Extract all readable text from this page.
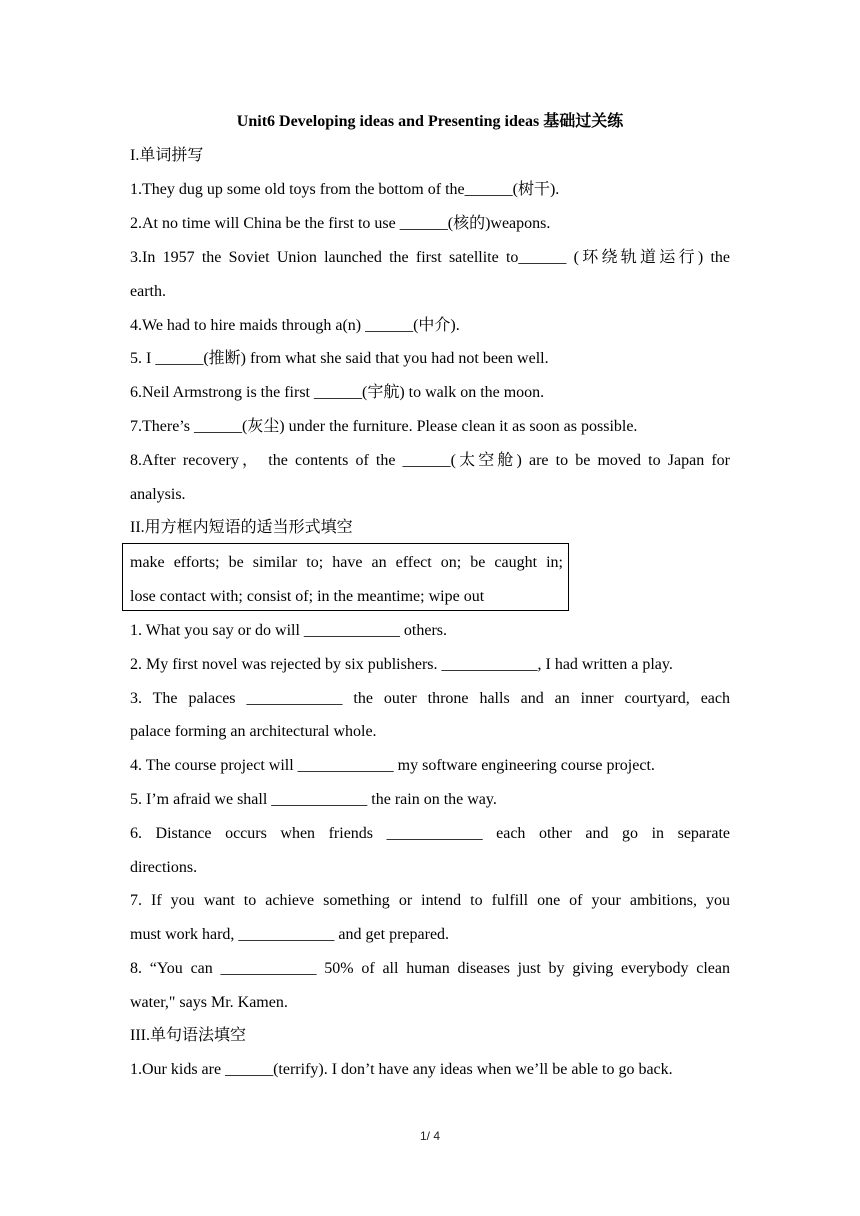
Unit6 Developing ideas and Presenting ideas 基础过关练
I.单词拼写
1.They dug up some old toys from the bottom of the______(树干).
2.At no time will China be the first to use ______(核的)weapons.
3.In 1957 the Soviet Union launched the first satellite to______ (环绕轨道运行) the
earth.
4.We had to hire maids through a(n) ______(中介).
5. I ______(推断) from what she said that you had not been well.
6.Neil Armstrong is the first ______(宇航) to walk on the moon.
7.There’s ______(灰尘) under the furniture. Please clean it as soon as possible.
8.After recovery， the contents of the ______(太空舱) are to be moved to Japan for
analysis.
II.用方框内短语的适当形式填空
make efforts; be similar to; have an effect on; be caught in;
lose contact with; consist of; in the meantime; wipe out
1. What you say or do will ____________ others.
2. My first novel was rejected by six publishers. ____________, I had written a play.
3. The palaces ____________ the outer throne halls and an inner courtyard, each
palace forming an architectural whole.
4. The course project will ____________ my software engineering course project.
5. I’m afraid we shall ____________ the rain on the way.
6. Distance occurs when friends ____________ each other and go in separate
directions.
7. If you want to achieve something or intend to fulfill one of your ambitions, you
must work hard, ____________ and get prepared.
8. “You can ____________ 50% of all human diseases just by giving everybody clean
water," says Mr. Kamen.
III.单句语法填空
1.Our kids are ______(terrify). I don’t have any ideas when we’ll be able to go back.
1/ 4
